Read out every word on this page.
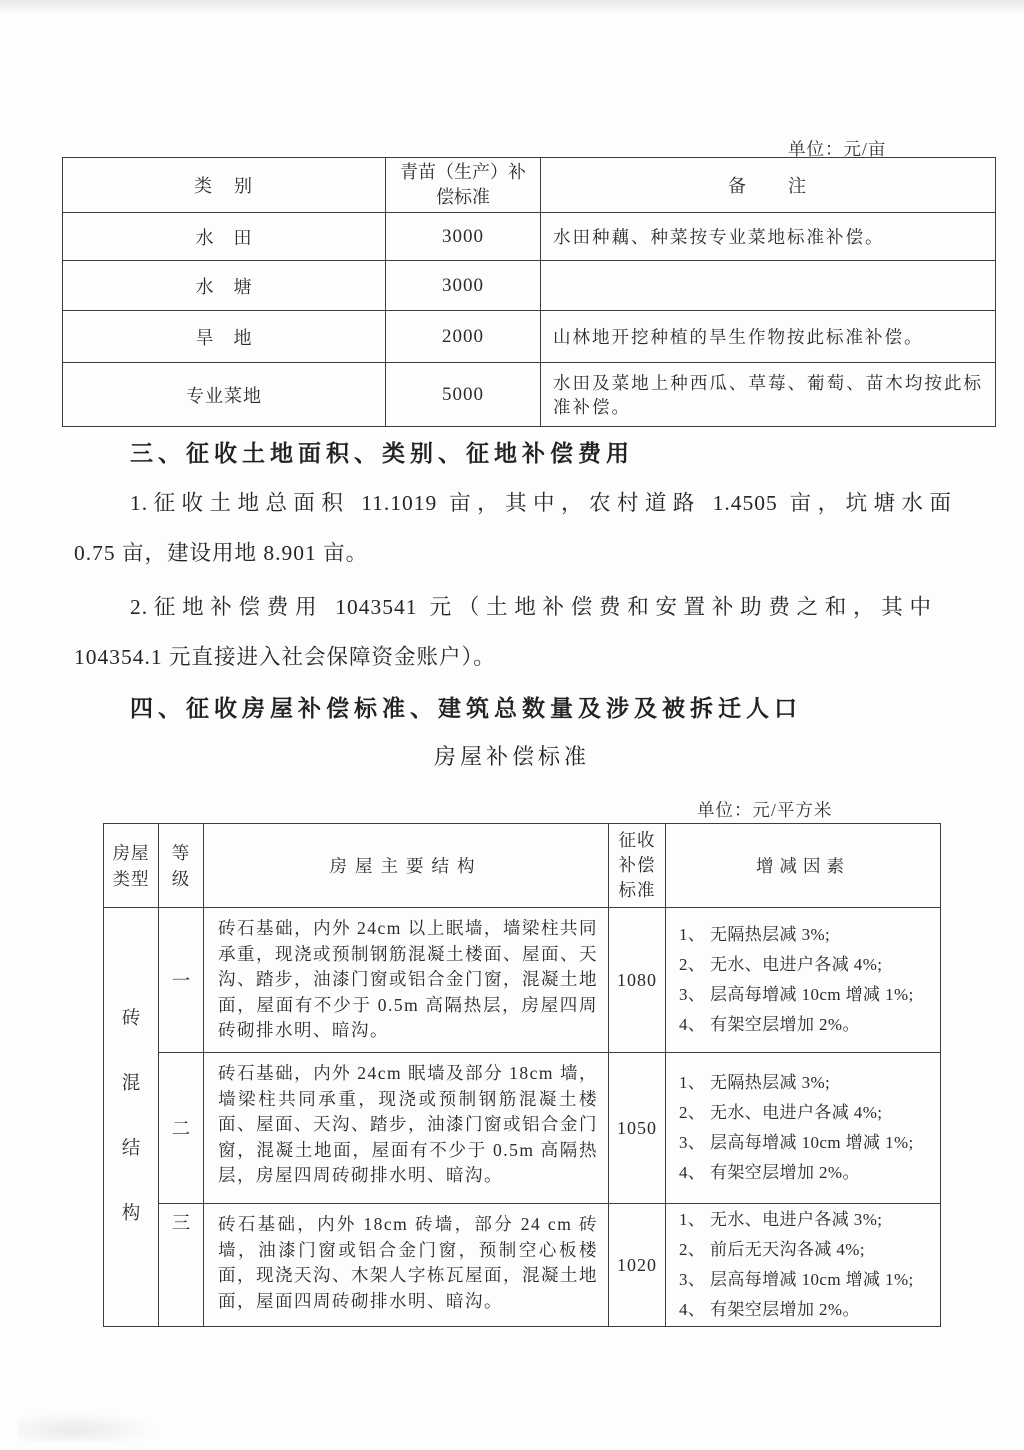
单位：元/亩
类　别	青苗（生产）补偿标准	备　　注
水　田	3000	水田种藕、种菜按专业菜地标准补偿。
水　塘	3000	
旱　地	2000	山林地开挖种植的旱生作物按此标准补偿。
专业菜地	5000	水田及菜地上种西瓜、草莓、葡萄、苗木均按此标准补偿。
三、征收土地面积、类别、征地补偿费用
1.征收土地总面积 11.1019 亩，其中，农村道路 1.4505 亩，坑塘水面
0.75 亩，建设用地 8.901 亩。
2.征地补偿费用 1043541 元（土地补偿费和安置补助费之和，其中
104354.1 元直接进入社会保障资金账户）。
四、征收房屋补偿标准、建筑总数量及涉及被拆迁人口
房屋补偿标准
单位：元/平方米
房屋类型	等级	房屋主要结构	征收补偿标准	增减因素

砖混结构	一	砖石基础，内外 24cm 以上眠墙，墙梁柱共同承重，现浇或预制钢筋混凝土楼面、屋面、天沟、踏步，油漆门窗或铝合金门窗，混凝土地面，屋面有不少于 0.5m 高隔热层，房屋四周砖砌排水明、暗沟。	1080	1、 无隔热层减 3%;
2、 无水、电进户各减 4%;
3、 层高每增减 10cm 增减 1%;
4、 有架空层增加 2%。

	二	砖石基础，内外 24cm 眠墙及部分 18cm 墙，墙梁柱共同承重，现浇或预制钢筋混凝土楼面、屋面、天沟、踏步，油漆门窗或铝合金门窗，混凝土地面，屋面有不少于 0.5m 高隔热层，房屋四周砖砌排水明、暗沟。	1050	1、 无隔热层减 3%;
2、 无水、电进户各减 4%;
3、 层高每增减 10cm 增减 1%;
4、 有架空层增加 2%。

	三	砖石基础，内外 18cm 砖墙，部分 24 cm 砖墙，油漆门窗或铝合金门窗，预制空心板楼面，现浇天沟、木架人字栋瓦屋面，混凝土地面，屋面四周砖砌排水明、暗沟。	1020	1、 无水、电进户各减 3%;
2、 前后无天沟各减 4%;
3、 层高每增减 10cm 增减 1%;
4、 有架空层增加 2%。
